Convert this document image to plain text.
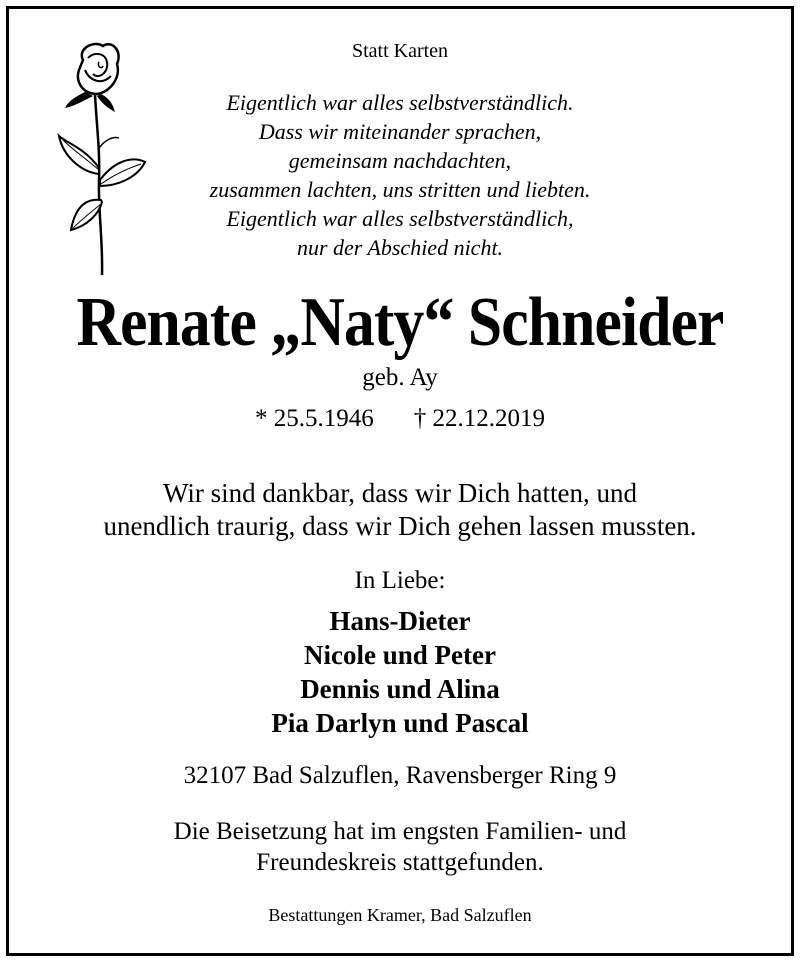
Statt Karten
Eigentlich war alles selbstverständlich.
Dass wir miteinander sprachen,
gemeinsam nachdachten,
zusammen lachten, uns stritten und liebten.
Eigentlich war alles selbstverständlich,
nur der Abschied nicht.
Renate „Naty“ Schneider
geb. Ay
* 25.5.1946 † 22.12.2019
Wir sind dankbar, dass wir Dich hatten, und
unendlich traurig, dass wir Dich gehen lassen mussten.
In Liebe:
Hans-Dieter
Nicole und Peter
Dennis und Alina
Pia Darlyn und Pascal
32107 Bad Salzuflen, Ravensberger Ring 9
Die Beisetzung hat im engsten Familien- und
Freundeskreis stattgefunden.
Bestattungen Kramer, Bad Salzuflen
